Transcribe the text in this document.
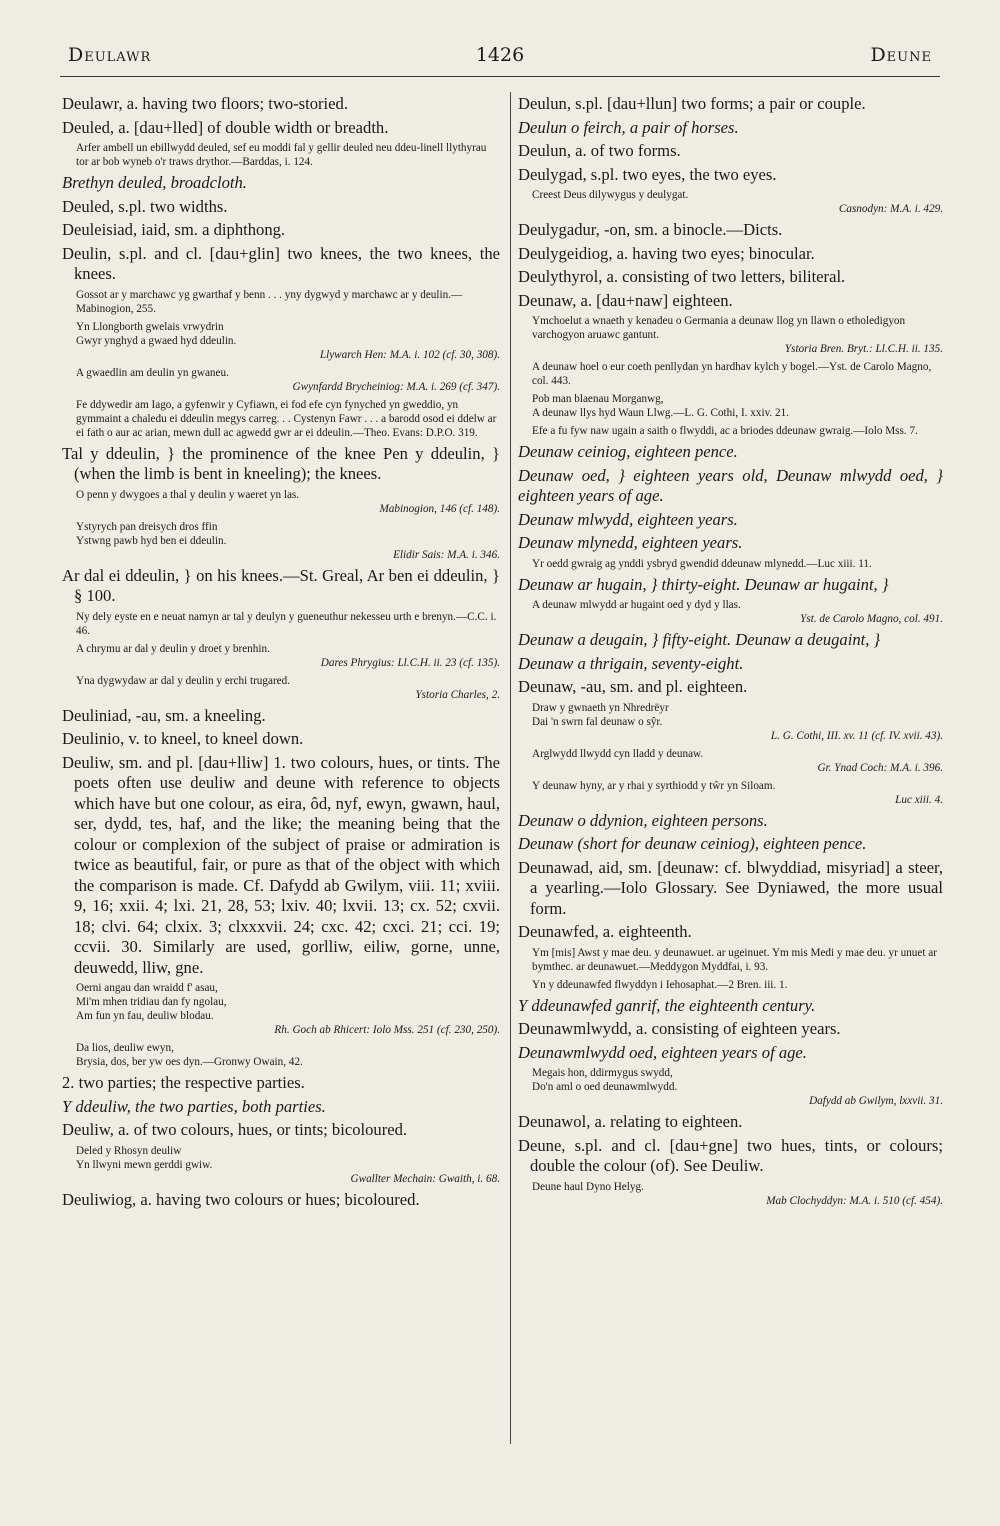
Deulawr	1426	Deune
Deulawr, a. having two floors; two-storied.
Deuled, a. [dau+lled] of double width or breadth.
Arfer ambell un ebillwydd deuled, sef eu moddi fal y gellir deuled neu ddeu-linell llythyrau tor ar bob wyneb o'r traws drythor.—Barddas, i. 124.
Brethyn deuled, broadcloth.
Deuled, s.pl. two widths.
Deuleisiad, iaid, sm. a diphthong.
Deulin, s.pl. and cl. [dau+glin] two knees, the two knees, the knees.
Gossot ar y marchawc yg gwarthaf y benn . . . yny dygwyd y marchawc ar y deulin.—Mabinogion, 255.
Yn Llongborth gwelais vrwydrin
Gwyr ynghyd a gwaed hyd ddeulin.
Llywarch Hen: M.A. i. 102 (cf. 30, 308).
A gwaedlin am deulin yn gwaneu.
Gwynfardd Brycheiniog: M.A. i. 269 (cf. 347).
Fe ddywedir am Iago, a gyfenwir y Cyfiawn, ei fod efe cyn fynyched yn gweddio, yn gymmaint a chaledu ei ddeulin megys carreg. . . Cystenyn Fawr . . . a barodd osod ei ddelw ar ei fath o aur ac arian, mewn dull ac agwedd gwr ar ei ddeulin.—Theo. Evans: D.P.O. 319.
Tal y ddeulin, } the prominence of the knee Pen y ddeulin, } (when the limb is bent in kneeling); the knees.
O penn y dwygoes a thal y deulin y waeret yn las.
Mabinogion, 146 (cf. 148).
Ystyrych pan dreisych dros ffin
Ystwng pawb hyd ben ei ddeulin.
Elidir Sais: M.A. i. 346.
Ar dal ei ddeulin, } on his knees.—St. Greal, Ar ben ei ddeulin, } § 100.
Ny dely eyste en e neuat namyn ar tal y deulyn y gueneuthur nekesseu urth e brenyn.—C.C. i. 46.
A chrymu ar dal y deulin y droet y brenhin.
Dares Phrygius: Ll.C.H. ii. 23 (cf. 135).
Yna dygwydaw ar dal y deulin y erchi trugared.
Ystoria Charles, 2.
Deuliniad, -au, sm. a kneeling.
Deulinio, v. to kneel, to kneel down.
Deuliw, sm. and pl. [dau+lliw] 1. two colours, hues, or tints. The poets often use deuliw and deune with reference to objects which have but one colour, as eira, ôd, nyf, ewyn, gwawn, haul, ser, dydd, tes, haf, and the like; the meaning being that the colour or complexion of the subject of praise or admiration is twice as beautiful, fair, or pure as that of the object with which the comparison is made. Cf. Dafydd ab Gwilym, viii. 11; xviii. 9, 16; xxii. 4; lxi. 21, 28, 53; lxiv. 40; lxvii. 13; cx. 52; cxvii. 18; clvi. 64; clxix. 3; clxxxvii. 24; cxc. 42; cxci. 21; cci. 19; ccvii. 30. Similarly are used, gorlliw, eiliw, gorne, unne, deuwedd, lliw, gne.
Oerni angau dan wraidd f' asau,
Mi'm mhen tridiau dan fy ngolau,
Am fun yn fau, deuliw blodau.
Rh. Goch ab Rhicert: Iolo Mss. 251 (cf. 230, 250).
Da lios, deuliw ewyn,
Brysia, dos, ber yw oes dyn.—Gronwy Owain, 42.
2. two parties; the respective parties.
Y ddeuliw, the two parties, both parties.
Deuliw, a. of two colours, hues, or tints; bicoloured.
Deled y Rhosyn deuliw
Yn llwyni mewn gerddi gwiw.
Gwallter Mechain: Gwaith, i. 68.
Deuliwiog, a. having two colours or hues; bicoloured.
Deulun, s.pl. [dau+llun] two forms; a pair or couple.
Deulun o feirch, a pair of horses.
Deulun, a. of two forms.
Deulygad, s.pl. two eyes, the two eyes.
Creest Deus dilywygus y deulygat.
Casnodyn: M.A. i. 429.
Deulygadur, -on, sm. a binocle.—Dicts.
Deulygeidiog, a. having two eyes; binocular.
Deulythyrol, a. consisting of two letters, biliteral.
Deunaw, a. [dau+naw] eighteen.
Ymchoelut a wnaeth y kenadeu o Germania a deunaw llog yn llawn o etholedigyon varchogyon aruawc gantunt.
Ystoria Bren. Bryt.: Ll.C.H. ii. 135.
A deunaw hoel o eur coeth penllydan yn hardhav kylch y bogel.—Yst. de Carolo Magno, col. 443.
Pob man blaenau Morganwg,
A deunaw llys hyd Waun Llwg.—L. G. Cothi, I. xxiv. 21.
Efe a fu fyw naw ugain a saith o flwyddi, ac a briodes ddeunaw gwraig.—Iolo Mss. 7.
Deunaw ceiniog, eighteen pence.
Deunaw oed, } eighteen years old, Deunaw mlwydd oed, } eighteen years of age.
Deunaw mlwydd, eighteen years.
Deunaw mlynedd, eighteen years.
Yr oedd gwraig ag ynddi ysbryd gwendid ddeunaw mlynedd.—Luc xiii. 11.
Deunaw ar hugain, } thirty-eight. Deunaw ar hugaint, }
A deunaw mlwydd ar hugaint oed y dyd y llas.
Yst. de Carolo Magno, col. 491.
Deunaw a deugain, } fifty-eight. Deunaw a deugaint, }
Deunaw a thrigain, seventy-eight.
Deunaw, -au, sm. and pl. eighteen.
Draw y gwnaeth yn Nhredrëyr
Dai 'n swrn fal deunaw o sŷr.
L. G. Cothi, III. xv. 11 (cf. IV. xvii. 43).
Arglwydd llwydd cyn lladd y deunaw.
Gr. Ynad Coch: M.A. i. 396.
Y deunaw hyny, ar y rhai y syrthiodd y tŵr yn Siloam.
Luc xiii. 4.
Deunaw o ddynion, eighteen persons.
Deunaw (short for deunaw ceiniog), eighteen pence.
Deunawad, aid, sm. [deunaw: cf. blwyddiad, misyriad] a steer, a yearling.—Iolo Glossary. See Dyniawed, the more usual form.
Deunawfed, a. eighteenth.
Ym [mis] Awst y mae deu. y deunawuet. ar ugeinuet. Ym mis Medi y mae deu. yr unuet ar bymthec. ar deunawuet.—Meddygon Myddfai, i. 93.
Yn y ddeunawfed flwyddyn i Iehosaphat.—2 Bren. iii. 1.
Y ddeunawfed ganrif, the eighteenth century.
Deunawmlwydd, a. consisting of eighteen years.
Deunawmlwydd oed, eighteen years of age.
Megais hon, ddirmygus swydd,
Do'n aml o oed deunawmlwydd.
Dafydd ab Gwilym, lxxvii. 31.
Deunawol, a. relating to eighteen.
Deune, s.pl. and cl. [dau+gne] two hues, tints, or colours; double the colour (of). See Deuliw.
Deune haul Dyno Helyg.
Mab Clochyddyn: M.A. i. 510 (cf. 454).
